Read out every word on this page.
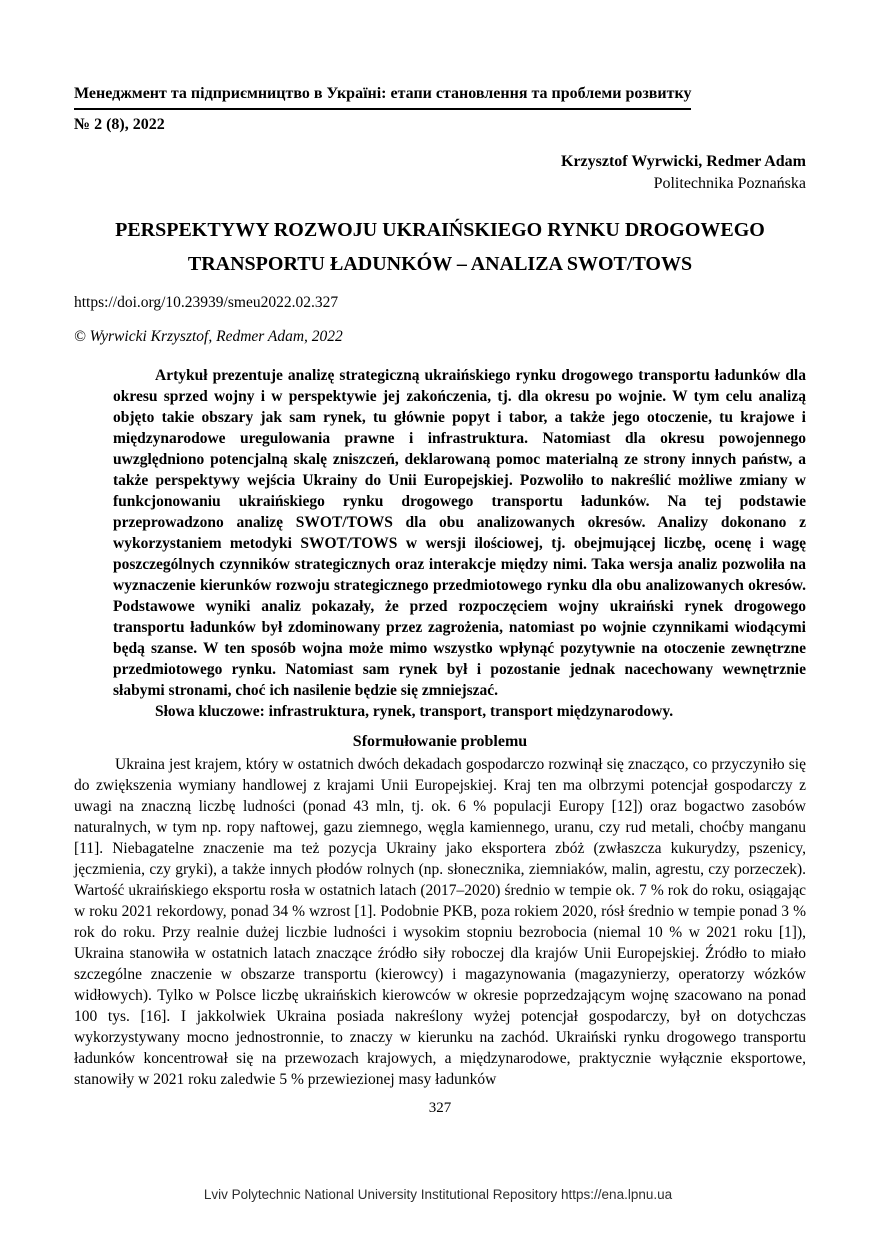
Менеджмент та підприємництво в Україні: етапи становлення та проблеми розвитку
№ 2 (8), 2022
Krzysztof Wyrwicki, Redmer Adam
Politechnika Poznańska
PERSPEKTYWY ROZWOJU UKRAIŃSKIEGO RYNKU DROGOWEGO
TRANSPORTU ŁADUNKÓW – ANALIZA SWOT/TOWS
https://doi.org/10.23939/smeu2022.02.327
© Wyrwicki Krzysztof, Redmer Adam, 2022

Artykuł prezentuje analizę strategiczną ukraińskiego rynku drogowego transportu ładunków dla okresu sprzed wojny i w perspektywie jej zakończenia, tj. dla okresu po wojnie. W tym celu analizą objęto takie obszary jak sam rynek, tu głównie popyt i tabor, a także jego otoczenie, tu krajowe i międzynarodowe uregulowania prawne i infrastruktura. Natomiast dla okresu powojennego uwzględniono potencjalną skalę zniszczeń, deklarowaną pomoc materialną ze strony innych państw, a także perspektywy wejścia Ukrainy do Unii Europejskiej. Pozwoliło to nakreślić możliwe zmiany w funkcjonowaniu ukraińskiego rynku drogowego transportu ładunków. Na tej podstawie przeprowadzono analizę SWOT/TOWS dla obu analizowanych okresów. Analizy dokonano z wykorzystaniem metodyki SWOT/TOWS w wersji ilościowej, tj. obejmującej liczbę, ocenę i wagę poszczególnych czynników strategicznych oraz interakcje między nimi. Taka wersja analiz pozwoliła na wyznaczenie kierunków rozwoju strategicznego przedmiotowego rynku dla obu analizowanych okresów. Podstawowe wyniki analiz pokazały, że przed rozpoczęciem wojny ukraiński rynek drogowego transportu ładunków był zdominowany przez zagrożenia, natomiast po wojnie czynnikami wiodącymi będą szanse. W ten sposób wojna może mimo wszystko wpłynąć pozytywnie na otoczenie zewnętrzne przedmiotowego rynku. Natomiast sam rynek był i pozostanie jednak nacechowany wewnętrznie słabymi stronami, choć ich nasilenie będzie się zmniejszać.

Słowa kluczowe: infrastruktura, rynek, transport, transport międzynarodowy.

Sformułowanie problemu

Ukraina jest krajem, który w ostatnich dwóch dekadach gospodarczo rozwinął się znacząco, co przyczyniło się do zwiększenia wymiany handlowej z krajami Unii Europejskiej. Kraj ten ma olbrzymi potencjał gospodarczy z uwagi na znaczną liczbę ludności (ponad 43 mln, tj. ok. 6 % populacji Europy [12]) oraz bogactwo zasobów naturalnych, w tym np. ropy naftowej, gazu ziemnego, węgla kamiennego, uranu, czy rud metali, choćby manganu [11]. Niebagatelne znaczenie ma też pozycja Ukrainy jako eksportera zbóż (zwłaszcza kukurydzy, pszenicy, jęczmienia, czy gryki), a także innych płodów rolnych (np. słonecznika, ziemniaków, malin, agrestu, czy porzeczek). Wartość ukraińskiego eksportu rosła w ostatnich latach (2017–2020) średnio w tempie ok. 7 % rok do roku, osiągając w roku 2021 rekordowy, ponad 34 % wzrost [1]. Podobnie PKB, poza rokiem 2020, rósł średnio w tempie ponad 3 % rok do roku. Przy realnie dużej liczbie ludności i wysokim stopniu bezrobocia (niemal 10 % w 2021 roku [1]), Ukraina stanowiła w ostatnich latach znaczące źródło siły roboczej dla krajów Unii Europejskiej. Źródło to miało szczególne znaczenie w obszarze transportu (kierowcy) i magazynowania (magazynierzy, operatorzy wózków widłowych). Tylko w Polsce liczbę ukraińskich kierowców w okresie poprzedzającym wojnę szacowano na ponad 100 tys. [16]. I jakkolwiek Ukraina posiada nakreślony wyżej potencjał gospodarczy, był on dotychczas wykorzystywany mocno jednostronnie, to znaczy w kierunku na zachód. Ukraiński rynku drogowego transportu ładunków koncentrował się na przewozach krajowych, a międzynarodowe, praktycznie wyłącznie eksportowe, stanowiły w 2021 roku zaledwie 5 % przewiezionej masy ładunków

327
Lviv Polytechnic National University Institutional Repository https://ena.lpnu.ua
